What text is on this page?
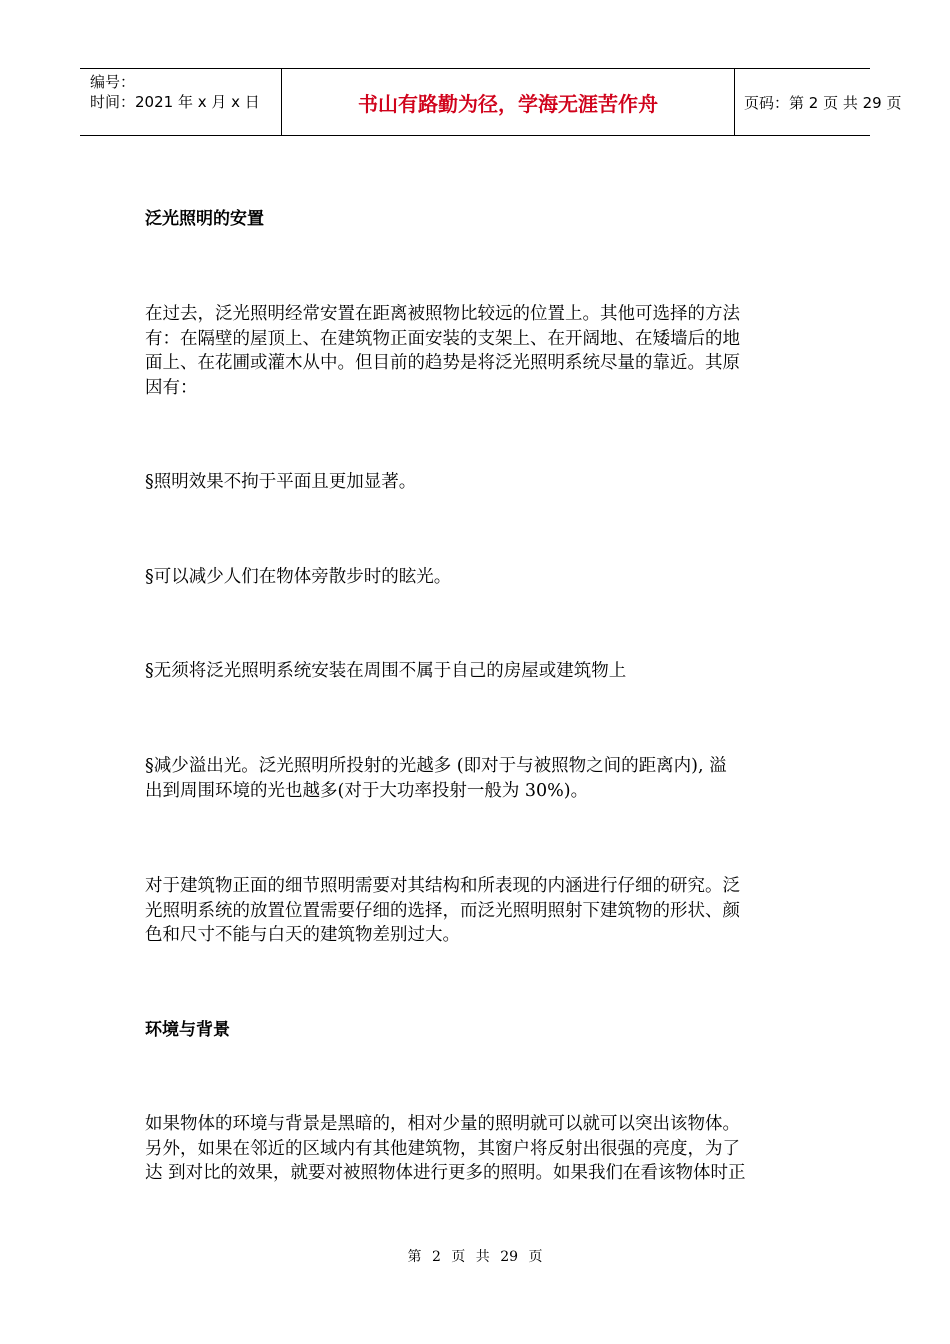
编号：
时间：2021 年 x 月 x 日	书山有路勤为径，学海无涯苦作舟	页码：第 2 页 共 29 页
泛光照明的安置

在过去，泛光照明经常安置在距离被照物比较远的位置上。其他可选择的方法
有：在隔壁的屋顶上、在建筑物正面安装的支架上、在开阔地、在矮墙后的地
面上、在花圃或灌木从中。但目前的趋势是将泛光照明系统尽量的靠近。其原
因有：

§照明效果不拘于平面且更加显著。
§可以减少人们在物体旁散步时的眩光。
§无须将泛光照明系统安装在周围不属于自己的房屋或建筑物上
§减少溢出光。泛光照明所投射的光越多 (即对于与被照物之间的距离内), 溢
出到周围环境的光也越多(对于大功率投射一般为 30%)。

对于建筑物正面的细节照明需要对其结构和所表现的内涵进行仔细的研究。泛
光照明系统的放置位置需要仔细的选择，而泛光照明照射下建筑物的形状、颜
色和尺寸不能与白天的建筑物差别过大。

环境与背景

如果物体的环境与背景是黑暗的，相对少量的照明就可以就可以突出该物体。
另外，如果在邻近的区域内有其他建筑物，其窗户将反射出很强的亮度，为了
达 到对比的效果，就要对被照物体进行更多的照明。如果我们在看该物体时正

第 2 页 共 29 页
